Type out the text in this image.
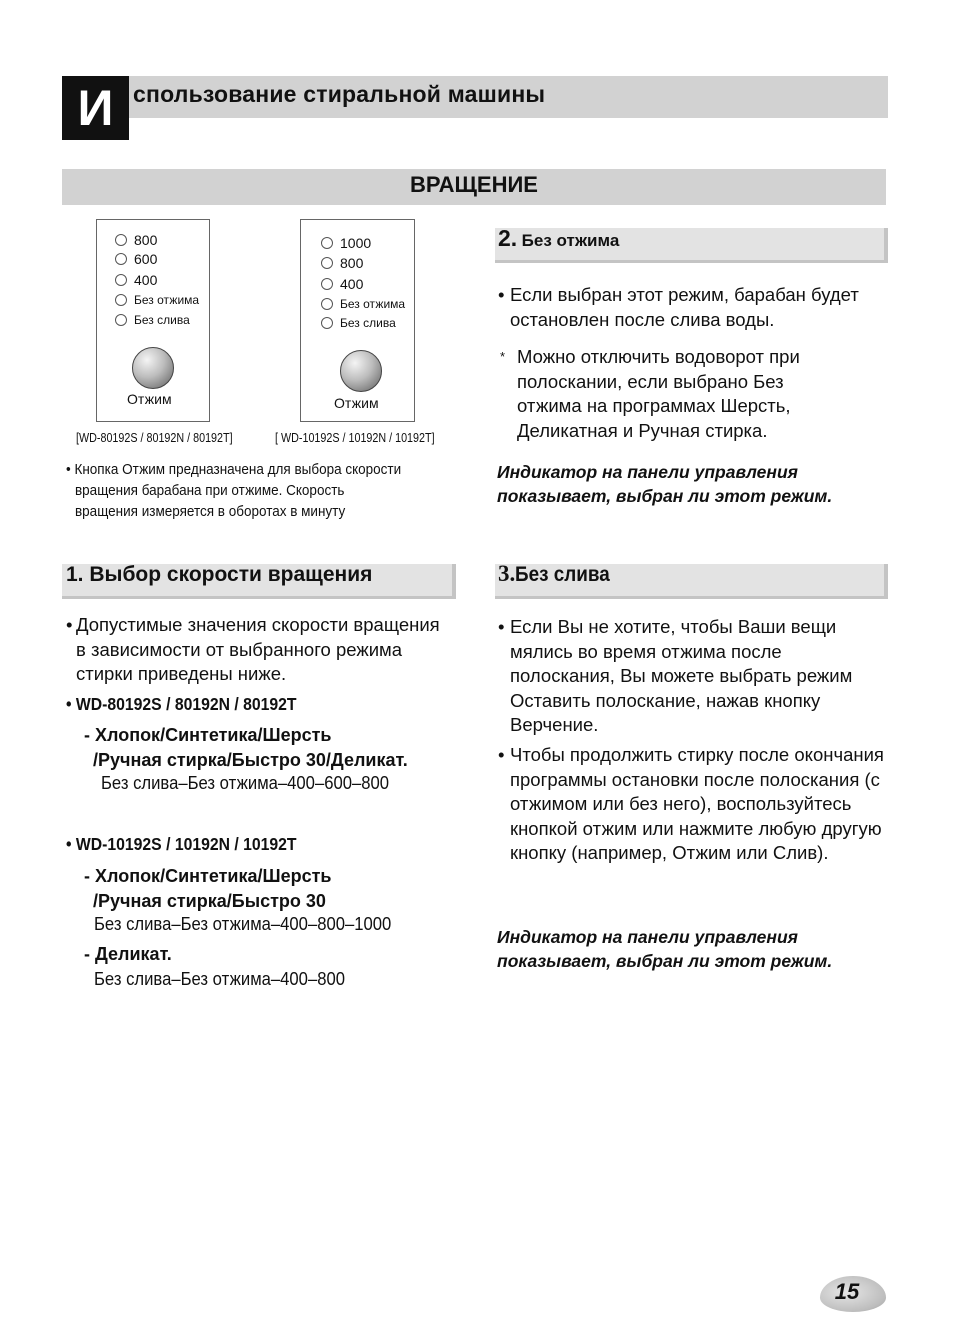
И спользование стиральной машины
ВРАЩЕНИЕ
800
600
400
Без отжима
Без слива
Отжим
[WD-80192S / 80192N / 80192T]
1000
800
400
Без отжима
Без слива
Отжим
[ WD-10192S / 10192N / 10192T]
• Кнопка Отжим предназначена для выбора скорости
вращения барабана при отжиме. Скорость
вращения измеряется в оборотах в минуту
1. Выбор скорости вращения
• Допустимые значения скорости вращения в зависимости от выбранного режима стирки приведены ниже.
• WD-80192S / 80192N / 80192T
- Хлопок/Синтетика/Шерсть
/Ручная стирка/Быстро 30/Деликат.
Без слива–Без отжима–400–600–800
• WD-10192S / 10192N / 10192T
- Хлопок/Синтетика/Шерсть
/Ручная стирка/Быстро 30
Без слива–Без отжима–400–800–1000
- Деликат.
Без слива–Без отжима–400–800
2. Без отжима
• Если выбран этот режим, барабан будет остановлен после слива воды.
* Можно отключить водоворот при полоскании, если выбрано Без отжима на программах Шерсть, Деликатная и Ручная стирка.
Индикатор на панели управления
показывает, выбран ли этот режим.
3.Без слива
• Если Вы не хотите, чтобы Ваши вещи мялись во время отжима после полоскания, Вы можете выбрать режим Оставить полоскание, нажав кнопку Верчение.
• Чтобы продолжить стирку после окончания программы остановки после полоскания (с отжимом или без него), воспользуйтесь кнопкой отжим или нажмите любую другую кнопку (например, Отжим или Слив).
Индикатор на панели управления
показывает, выбран ли этот режим.
15
